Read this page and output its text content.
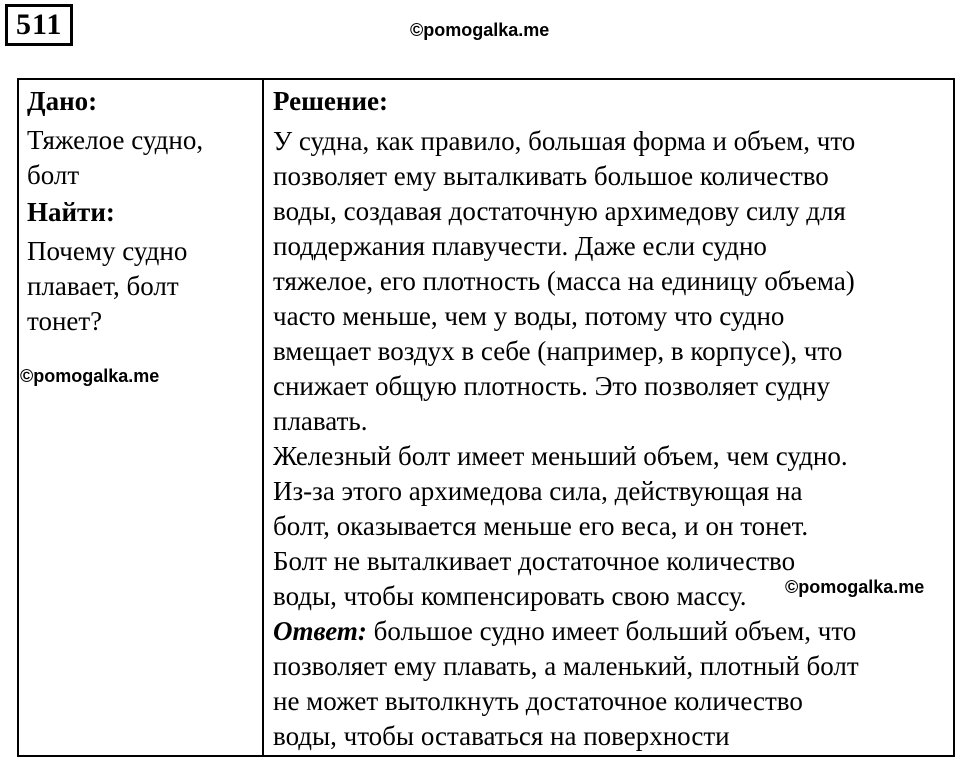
511	©pomogalka.me
Дано:
Тяжелое судно,
болт
Найти:
Почему судно
плавает, болт
тонет?
Решение:
У судна, как правило, большая форма и объем, что
позволяет ему выталкивать большое количество
воды, создавая достаточную архимедову силу для
поддержания плавучести. Даже если судно
тяжелое, его плотность (масса на единицу объема)
часто меньше, чем у воды, потому что судно
вмещает воздух в себе (например, в корпусе), что
снижает общую плотность. Это позволяет судну
плавать.
Железный болт имеет меньший объем, чем судно.
Из-за этого архимедова сила, действующая на
болт, оказывается меньше его веса, и он тонет.
Болт не выталкивает достаточное количество
воды, чтобы компенсировать свою массу.
Ответ: большое судно имеет больший объем, что
позволяет ему плавать, а маленький, плотный болт
не может вытолкнуть достаточное количество
воды, чтобы оставаться на поверхности
©pomogalka.me
©pomogalka.me
